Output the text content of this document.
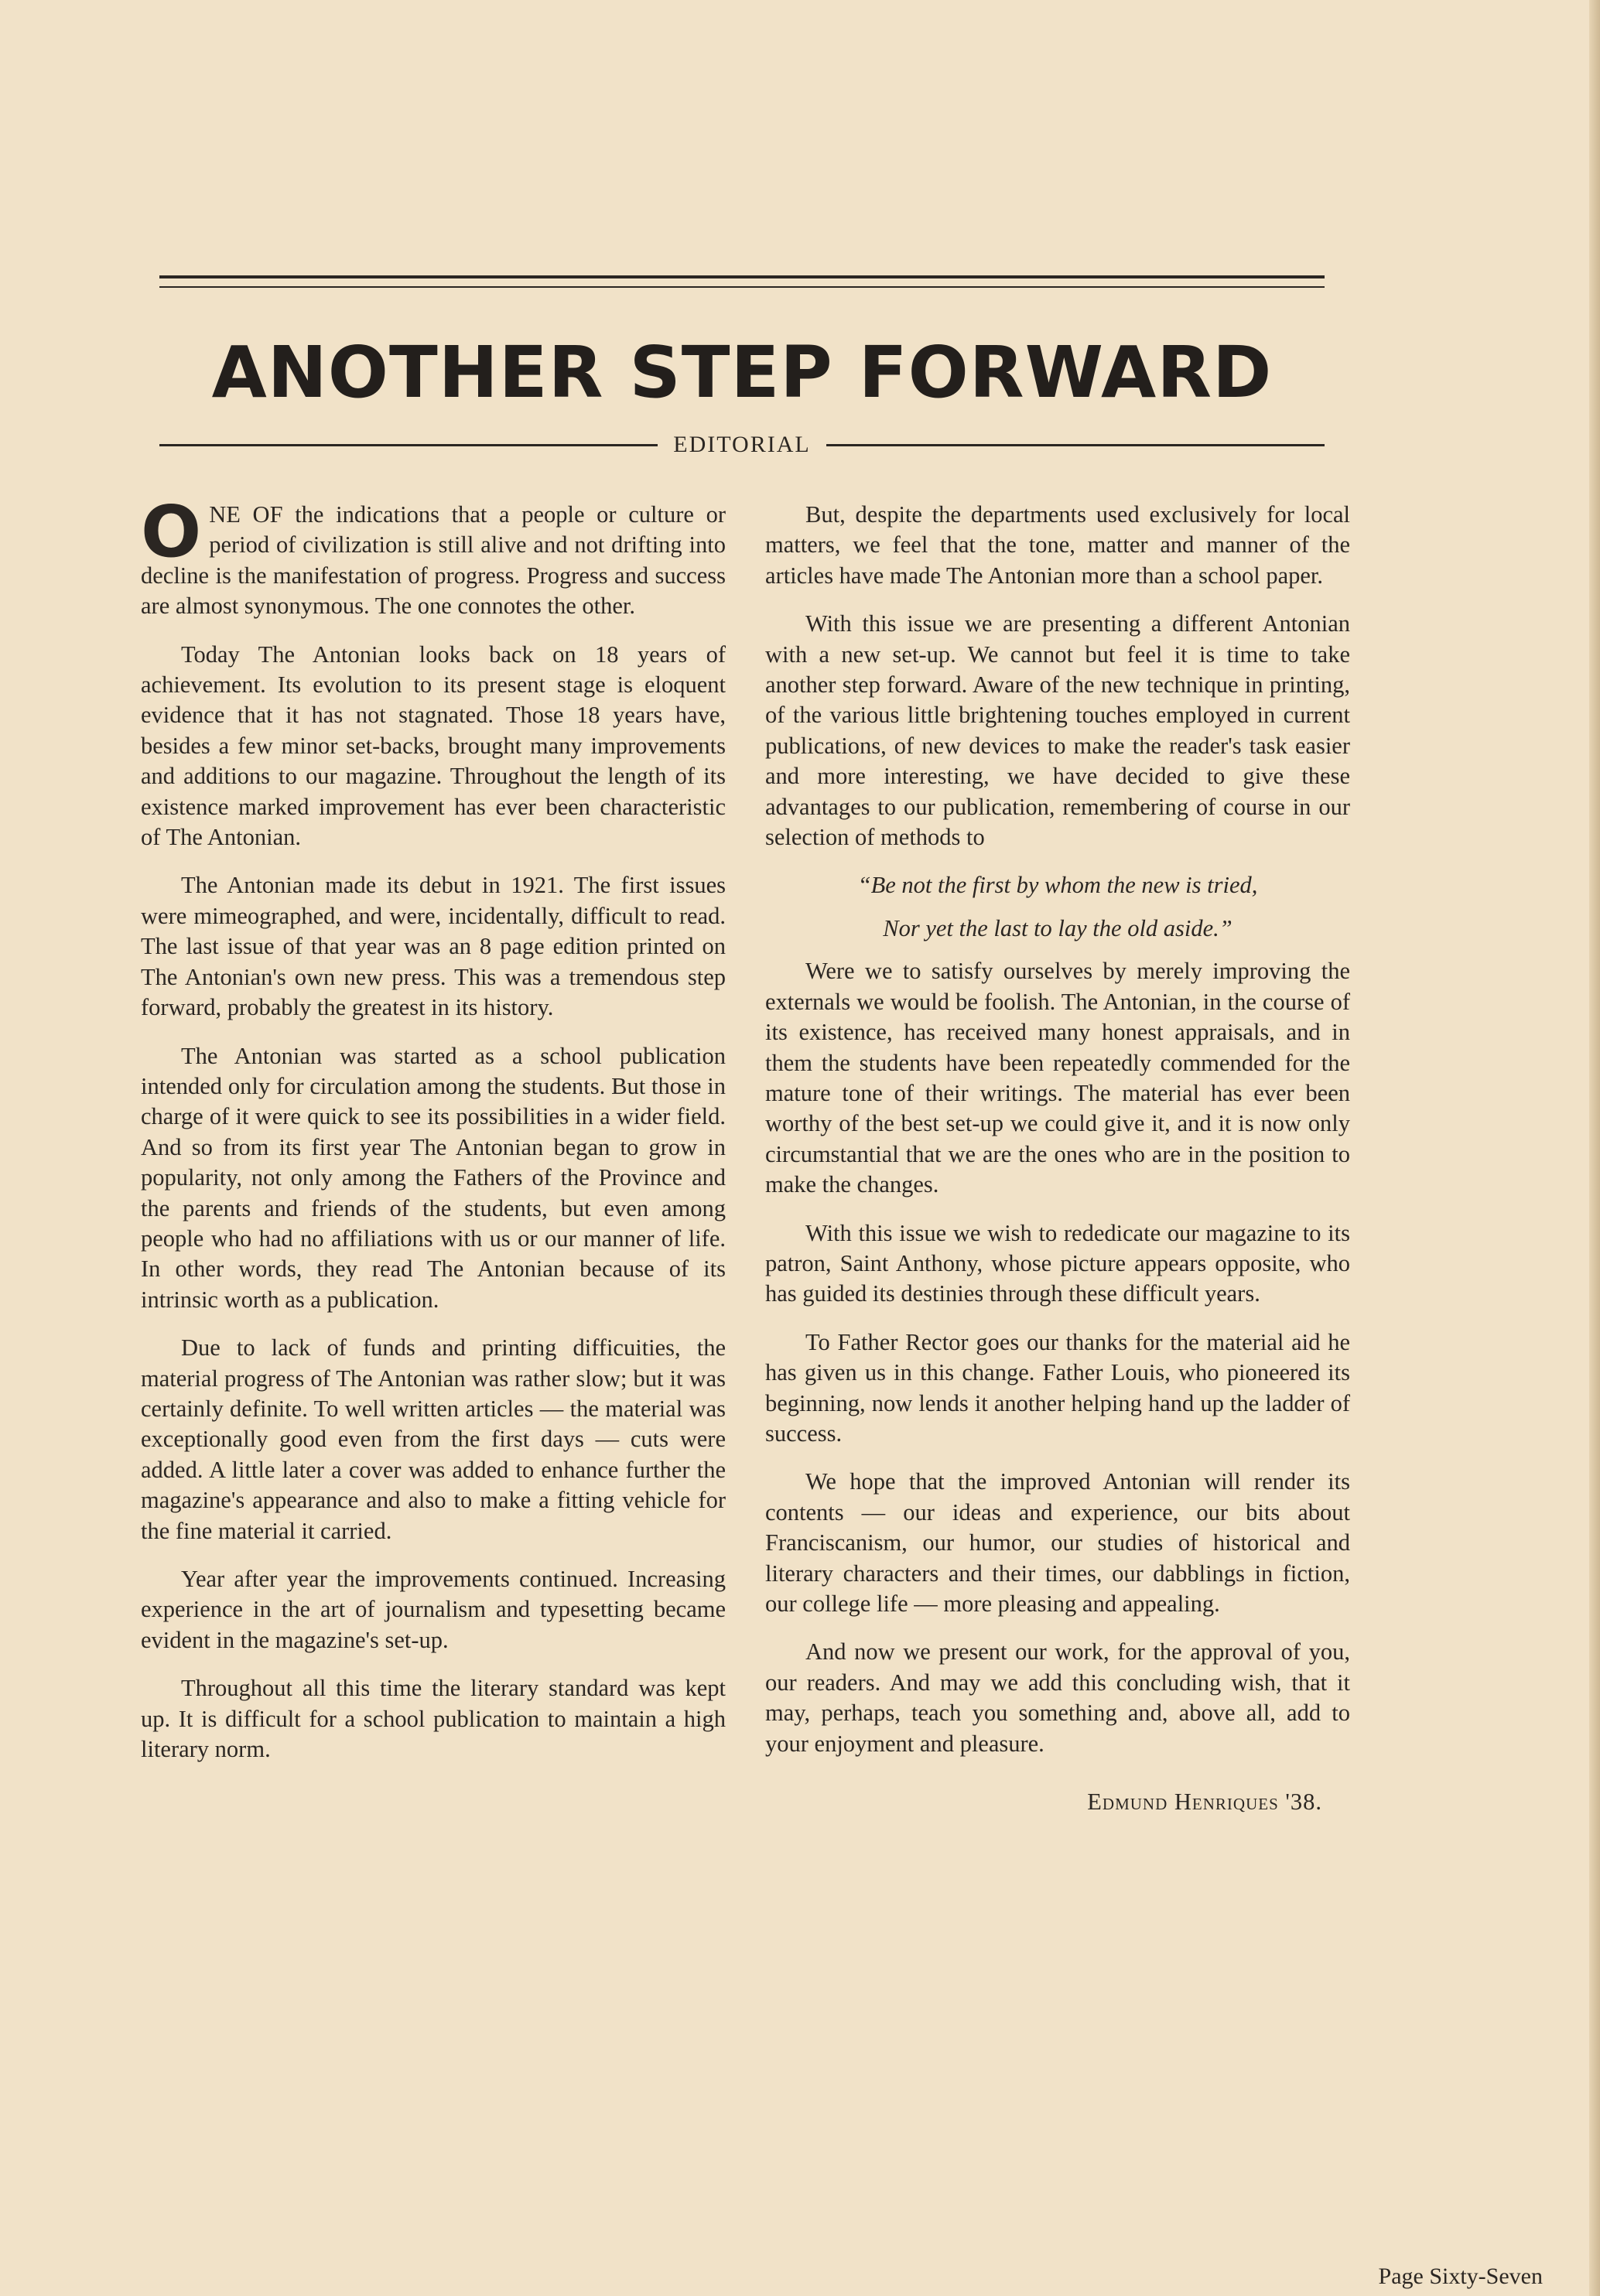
ANOTHER STEP FORWARD
EDITORIAL

ONE OF the indications that a people or culture or period of civilization is still alive and not drifting into decline is the manifestation of progress. Progress and success are almost synonymous. The one connotes the other.

Today The Antonian looks back on 18 years of achievement. Its evolution to its present stage is eloquent evidence that it has not stagnated. Those 18 years have, besides a few minor set-backs, brought many improvements and additions to our magazine. Throughout the length of its existence marked improvement has ever been characteristic of The Antonian.

The Antonian made its debut in 1921. The first issues were mimeographed, and were, incidentally, difficult to read. The last issue of that year was an 8 page edition printed on The Antonian's own new press. This was a tremendous step forward, probably the greatest in its history.

The Antonian was started as a school publication intended only for circulation among the students. But those in charge of it were quick to see its possibilities in a wider field. And so from its first year The Antonian began to grow in popularity, not only among the Fathers of the Province and the parents and friends of the students, but even among people who had no affiliations with us or our manner of life. In other words, they read The Antonian because of its intrinsic worth as a publication.

Due to lack of funds and printing difficuities, the material progress of The Antonian was rather slow; but it was certainly definite. To well written articles — the material was exceptionally good even from the first days — cuts were added. A little later a cover was added to enhance further the magazine's appearance and also to make a fitting vehicle for the fine material it carried.

Year after year the improvements continued. Increasing experience in the art of journalism and typesetting became evident in the magazine's set-up.

Throughout all this time the literary standard was kept up. It is difficult for a school publication to maintain a high literary norm.

But, despite the departments used exclusively for local matters, we feel that the tone, matter and manner of the articles have made The Antonian more than a school paper.

With this issue we are presenting a different Antonian with a new set-up. We cannot but feel it is time to take another step forward. Aware of the new technique in printing, of the various little brightening touches employed in current publications, of new devices to make the reader's task easier and more interesting, we have decided to give these advantages to our publication, remembering of course in our selection of methods to

“Be not the first by whom the new is tried,

Nor yet the last to lay the old aside.”

Were we to satisfy ourselves by merely improving the externals we would be foolish. The Antonian, in the course of its existence, has received many honest appraisals, and in them the students have been repeatedly commended for the mature tone of their writings. The material has ever been worthy of the best set-up we could give it, and it is now only circumstantial that we are the ones who are in the position to make the changes.

With this issue we wish to rededicate our magazine to its patron, Saint Anthony, whose picture appears opposite, who has guided its destinies through these difficult years.

To Father Rector goes our thanks for the material aid he has given us in this change. Father Louis, who pioneered its beginning, now lends it another helping hand up the ladder of success.

We hope that the improved Antonian will render its contents — our ideas and experience, our bits about Franciscanism, our humor, our studies of historical and literary characters and their times, our dabblings in fiction, our college life — more pleasing and appealing.

And now we present our work, for the approval of you, our readers. And may we add this concluding wish, that it may, perhaps, teach you something and, above all, add to your enjoyment and pleasure.

Edmund Henriques '38.

Page Sixty-Seven
